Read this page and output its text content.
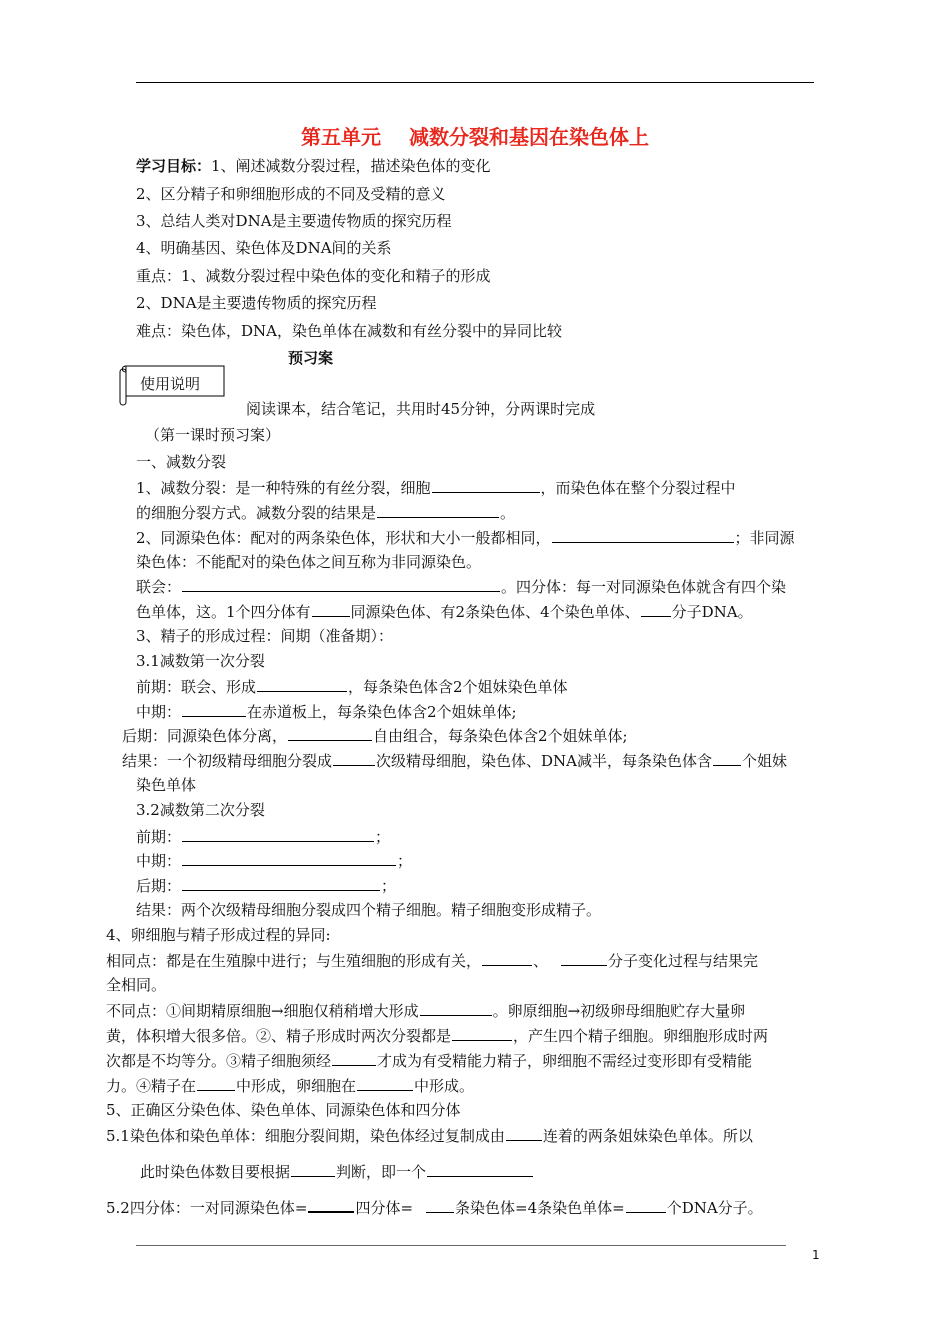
第五单元 减数分裂和基因在染色体上
学习目标：1、阐述减数分裂过程，描述染色体的变化
2、区分精子和卵细胞形成的不同及受精的意义
3、总结人类对DNA是主要遗传物质的探究历程
4、明确基因、染色体及DNA间的关系
重点：1、减数分裂过程中染色体的变化和精子的形成
2、DNA是主要遗传物质的探究历程
难点：染色体，DNA，染色单体在减数和有丝分裂中的异同比较
预习案
使用说明
阅读课本，结合笔记，共用时45分钟，分两课时完成
（第一课时预习案）
一、减数分裂
1、减数分裂：是一种特殊的有丝分裂，细胞	，而染色体在整个分裂过程中
的细胞分裂方式。减数分裂的结果是	。
2、同源染色体：配对的两条染色体，形状和大小一般都相同，	；非同源
染色体：不能配对的染色体之间互称为非同源染色。
联会：	。四分体：每一对同源染色体就含有四个染
色单体，这。1个四分体有	同源染色体、有2条染色体、4个染色单体、 分子DNA。
3、精子的形成过程：间期（准备期）：
3.1减数第一次分裂
前期：联会、形成	，每条染色体含2个姐妹染色单体
中期：	在赤道板上，每条染色体含2个姐妹单体;
后期：同源染色体分离，	自由组合，每条染色体含2个姐妹单体;
结果：一个初级精母细胞分裂成	次级精母细胞，染色体、DNA减半，每条染色体含 个姐妹
染色单体
3.2减数第二次分裂
前期：	；
中期：	；
后期：	；
结果：两个次级精母细胞分裂成四个精子细胞。精子细胞变形成精子。
4、卵细胞与精子形成过程的异同:
相同点：都是在生殖腺中进行；与生殖细胞的形成有关，	、	分子变化过程与结果完
全相同。
不同点：①间期精原细胞→细胞仅稍稍增大形成	。卵原细胞→初级卵母细胞贮存大量卵
黄，体积增大很多倍。②、精子形成时两次分裂都是	，产生四个精子细胞。卵细胞形成时两
次都是不均等分。③精子细胞须经	才成为有受精能力精子，卵细胞不需经过变形即有受精能
力。④精子在	中形成，卵细胞在	中形成。
5、正确区分染色体、染色单体、同源染色体和四分体
5.1染色体和染色单体：细胞分裂间期，染色体经过复制成由	连着的两条姐妹染色单体。所以
此时染色体数目要根据	判断，即一个
5.2四分体：一对同源染色体=	四分体=	条染色体=4条染色单体=	个DNA分子。
1
